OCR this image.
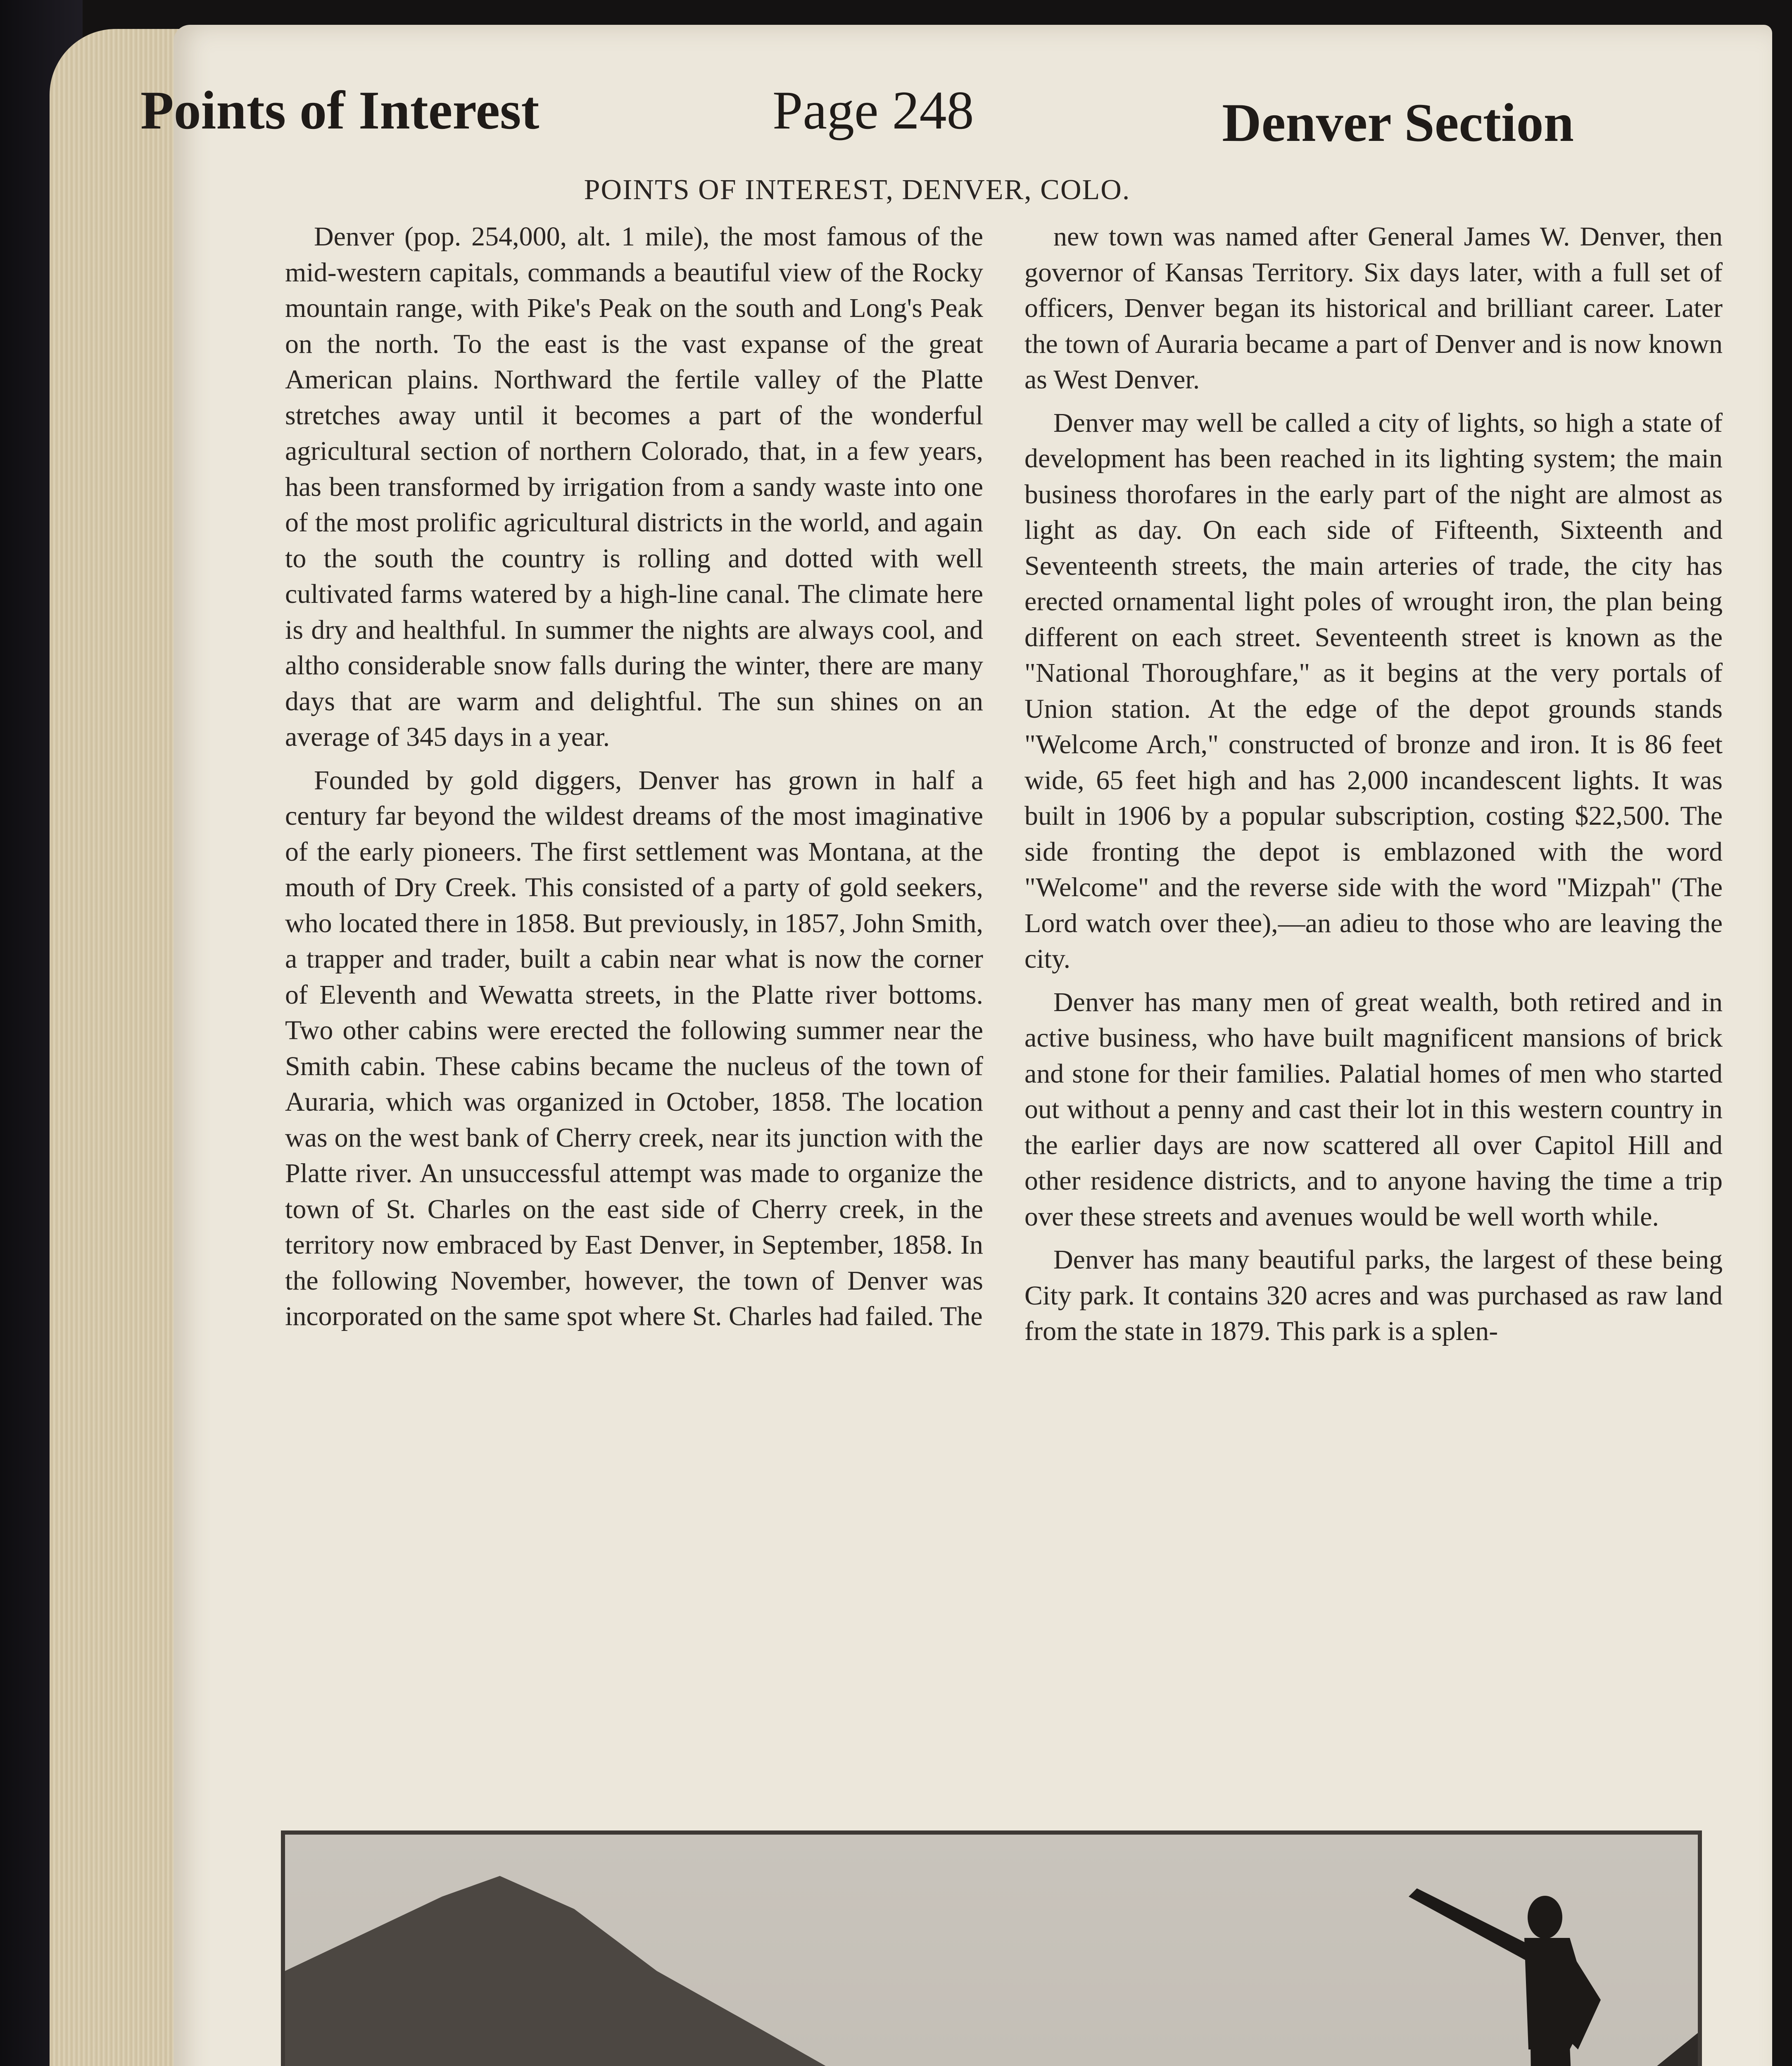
Points of Interest	Page 248	Denver Section
POINTS OF INTEREST, DENVER, COLO.

Denver (pop. 254,000, alt. 1 mile), the most famous of the mid-western capitals, commands a beautiful view of the Rocky mountain range, with Pike's Peak on the south and Long's Peak on the north. To the east is the vast expanse of the great American plains. Northward the fertile valley of the Platte stretches away until it becomes a part of the wonderful agricultural section of northern Colorado, that, in a few years, has been transformed by irrigation from a sandy waste into one of the most prolific agricultural districts in the world, and again to the south the country is rolling and dotted with well cultivated farms watered by a high-line canal. The climate here is dry and healthful. In summer the nights are always cool, and altho considerable snow falls during the winter, there are many days that are warm and delightful. The sun shines on an average of 345 days in a year.

Founded by gold diggers, Denver has grown in half a century far beyond the wildest dreams of the most imaginative of the early pioneers. The first settlement was Montana, at the mouth of Dry Creek. This consisted of a party of gold seekers, who located there in 1858. But previously, in 1857, John Smith, a trapper and trader, built a cabin near what is now the corner of Eleventh and Wewatta streets, in the Platte river bottoms. Two other cabins were erected the following summer near the Smith cabin. These cabins became the nucleus of the town of Auraria, which was organized in October, 1858. The location was on the west bank of Cherry creek, near its junction with the Platte river. An unsuccessful attempt was made to organize the town of St. Charles on the east side of Cherry creek, in the territory now embraced by East Denver, in September, 1858. In the following November, however, the town of Denver was incorporated on the same spot where St. Charles had failed. The

new town was named after General James W. Denver, then governor of Kansas Territory. Six days later, with a full set of officers, Denver began its historical and brilliant career. Later the town of Auraria became a part of Denver and is now known as West Denver.

Denver may well be called a city of lights, so high a state of development has been reached in its lighting system; the main business thorofares in the early part of the night are almost as light as day. On each side of Fifteenth, Sixteenth and Seventeenth streets, the main arteries of trade, the city has erected ornamental light poles of wrought iron, the plan being different on each street. Seventeenth street is known as the "National Thoroughfare," as it begins at the very portals of Union station. At the edge of the depot grounds stands "Welcome Arch," constructed of bronze and iron. It is 86 feet wide, 65 feet high and has 2,000 incandescent lights. It was built in 1906 by a popular subscription, costing $22,500. The side fronting the depot is emblazoned with the word "Welcome" and the reverse side with the word "Mizpah" (The Lord watch over thee),—an adieu to those who are leaving the city.

Denver has many men of great wealth, both retired and in active business, who have built magnificent mansions of brick and stone for their families. Palatial homes of men who started out without a penny and cast their lot in this western country in the earlier days are now scattered all over Capitol Hill and other residence districts, and to anyone having the time a trip over these streets and avenues would be well worth while.

Denver has many beautiful parks, the largest of these being City park. It contains 320 acres and was purchased as raw land from the state in 1879. This park is a splen-
